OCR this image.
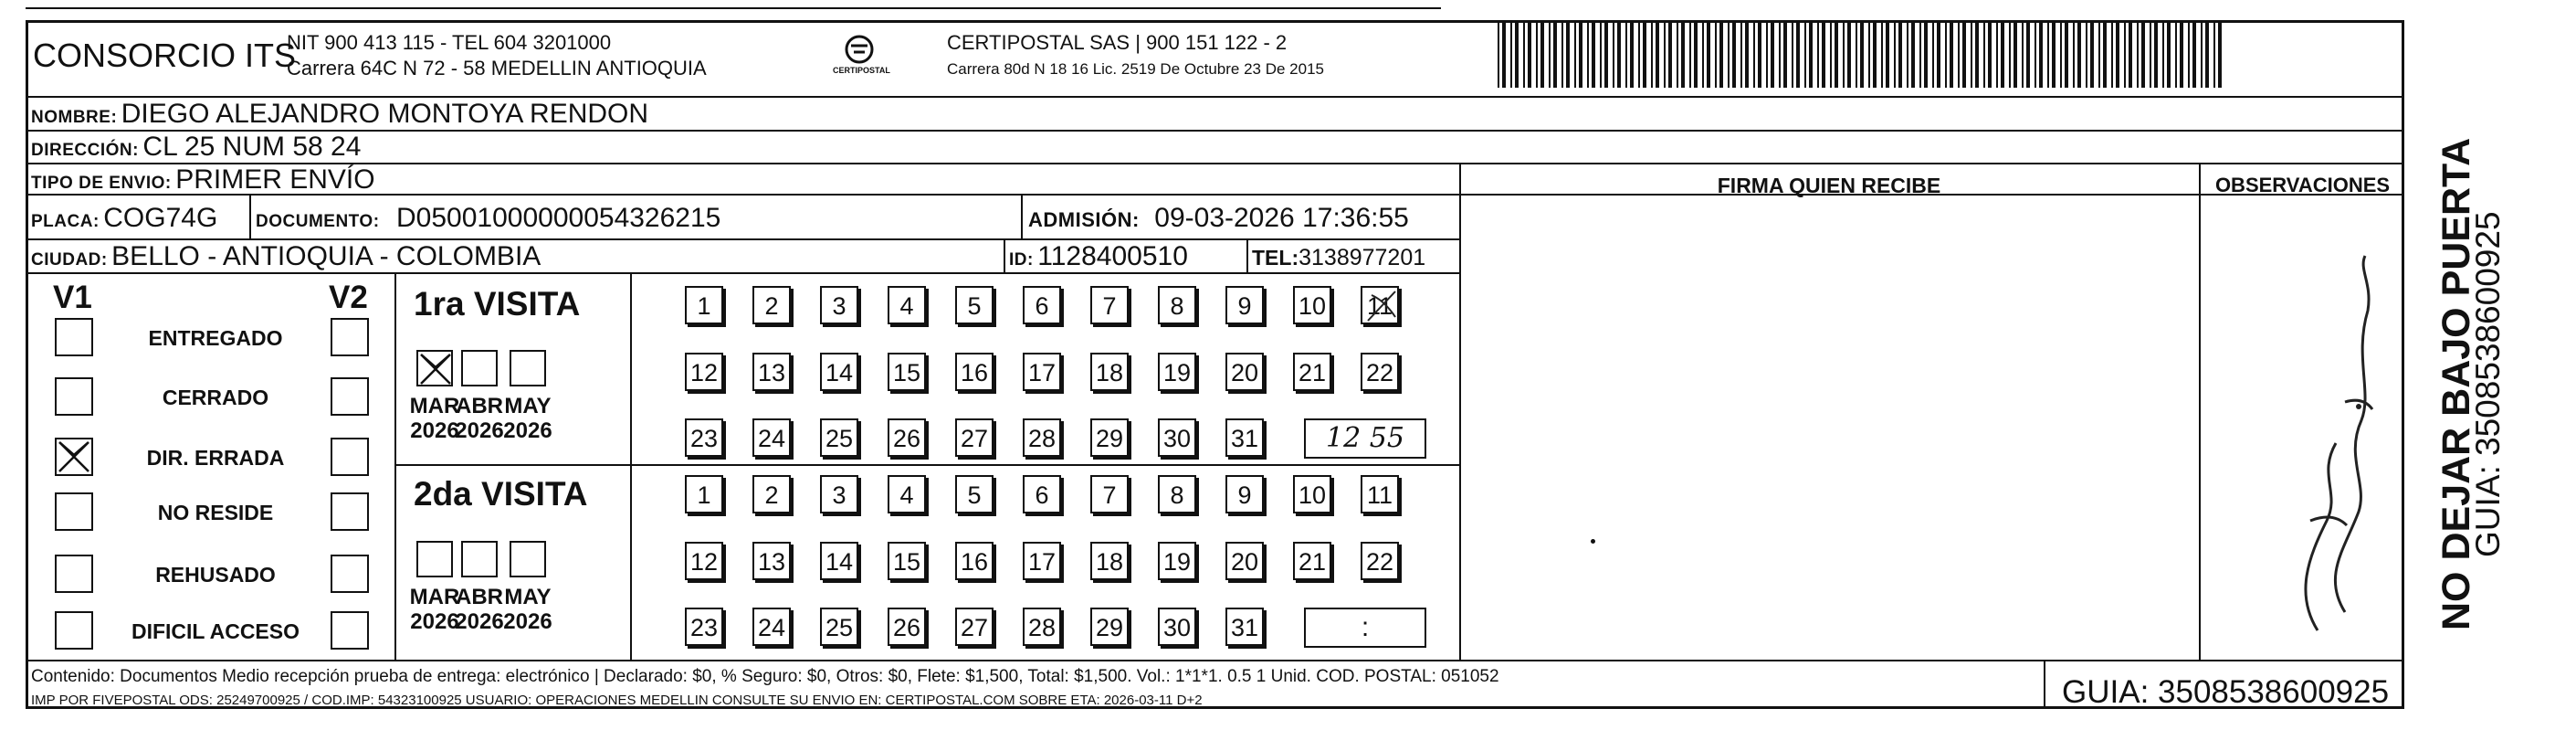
CONSORCIO ITS
NIT 900 413 115 - TEL 604 3201000
Carrera 64C N 72 - 58 MEDELLIN ANTIOQUIA	CERTIPOSTAL
CERTIPOSTAL SAS | 900 151 122 - 2
Carrera 80d N 18 16 Lic. 2519 De Octubre 23 De 2015
NOMBRE: DIEGO ALEJANDRO MONTOYA RENDON
DIRECCIÓN: CL 25 NUM 58 24
TIPO DE ENVIO: PRIMER ENVÍO
PLACA: COG74G DOCUMENTO: D05001000000054326215	ADMISIÓN: 09-03-2026 17:36:55
CIUDAD: BELLO - ANTIOQUIA - COLOMBIA	ID: 1128400510	TEL:3138977201
FIRMA QUIEN RECIBE	OBSERVACIONES	NO DEJAR BAJO PUERTA
GUIA: 3508538600925
V1	V2
ENTREGADO
CERRADO
DIR. ERRADA
NO RESIDE
REHUSADO
DIFICIL ACCESO
1ra VISITA
2da VISITA
MAR
2026
ABR
2026
MAY
2026
1	2	3	4	5	6	7	8	9	10 11
12 13 14 15 16 17 18 19 20 21 22
23 24 25 26 27 28 29 30 31	12 55
MAR
2026
ABR
2026
MAY
2026
1	2	3	4	5	6	7	8	9	10 11
12 13 14 15 16 17 18 19 20 21 22
23 24 25 26 27 28 29 30 31	:
Contenido: Documentos Medio recepción prueba de entrega: electrónico | Declarado: $0, % Seguro: $0, Otros: $0, Flete: $1,500, Total: $1,500. Vol.: 1*1*1. 0.5 1 Unid. COD. POSTAL: 051052
IMP POR FIVEPOSTAL ODS: 25249700925 / COD.IMP: 54323100925 USUARIO: OPERACIONES MEDELLIN CONSULTE SU ENVIO EN: CERTIPOSTAL.COM SOBRE ETA: 2026-03-11 D+2	GUIA: 3508538600925
